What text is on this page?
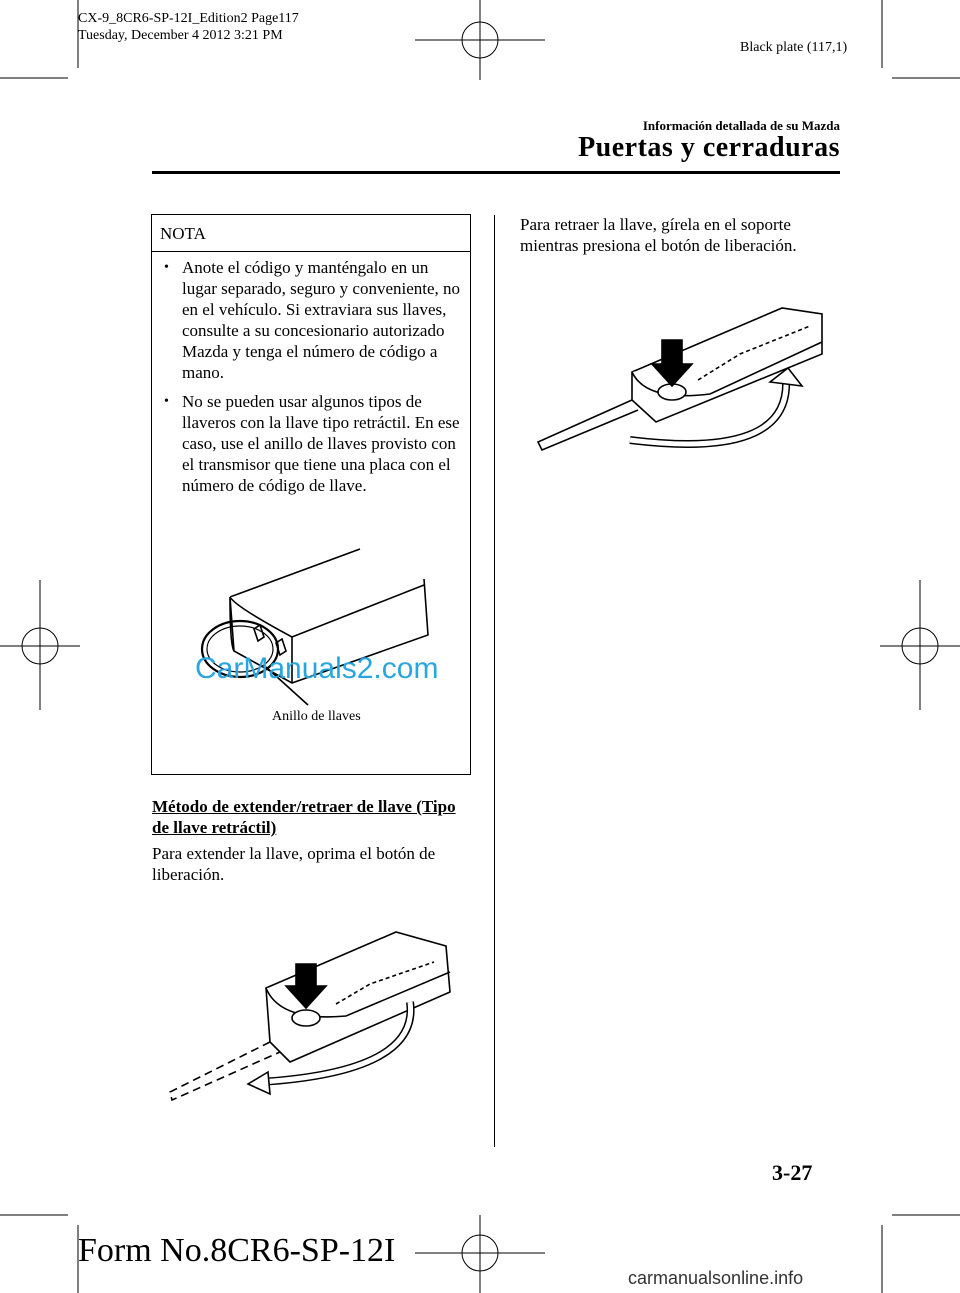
CX-9_8CR6-SP-12I_Edition2 Page117
Tuesday, December 4 2012 3:21 PM
Black plate (117,1)
Información detallada de su Mazda
Puertas y cerraduras
NOTA
• Anote el código y manténgalo en un lugar separado, seguro y conveniente, no en el vehículo. Si extraviara sus llaves, consulte a su concesionario autorizado Mazda y tenga el número de código a mano.
• No se pueden usar algunos tipos de llaveros con la llave tipo retráctil. En ese caso, use el anillo de llaves provisto con el transmisor que tiene una placa con el número de código de llave.
Anillo de llaves
Método de extender/retraer de llave (Tipo de llave retráctil)
Para extender la llave, oprima el botón de liberación.
Para retraer la llave, gírela en el soporte mientras presiona el botón de liberación.
CarManuals2.com
3-27
Form No.8CR6-SP-12I
carmanualsonline.info
